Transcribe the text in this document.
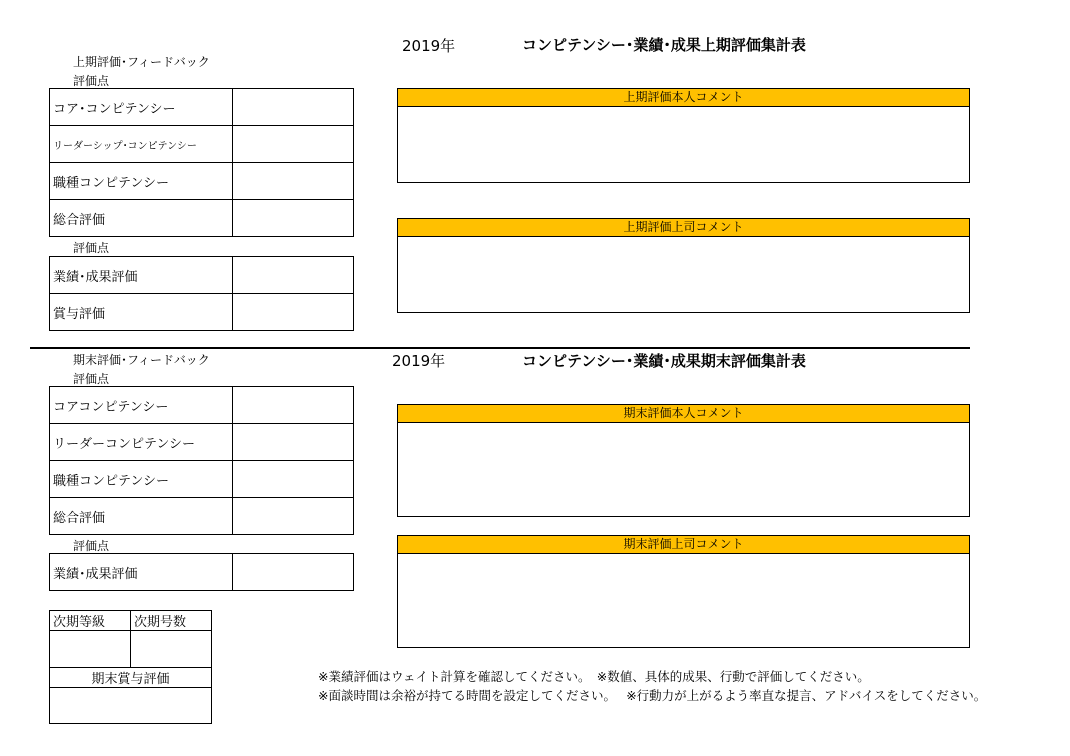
2019年	コンピテンシー･業績･成果上期評価集計表
上期評価･フィードバック
評価点
コア･コンピテンシー	
リーダーシップ･コンピテンシー	
職種コンピテンシー	
総合評価	
評価点
業績･成果評価	
賞与評価	
上期評価本人コメント
上期評価上司コメント
2019年	コンピテンシー･業績･成果期末評価集計表
期末評価･フィードバック
評価点
コアコンピテンシー	
リーダーコンピテンシー	
職種コンピテンシー	
総合評価	
評価点
業績･成果評価	
期末評価本人コメント
期末評価上司コメント
次期等級	次期号数

期末賞与評価		※業績評価はウェイト計算を確認してください。　※数値、具体的成果、行動で評価してください。
※面談時間は余裕が持てる時間を設定してください。　 ※行動力が上がるよう率直な提言、アドバイスをしてください。
